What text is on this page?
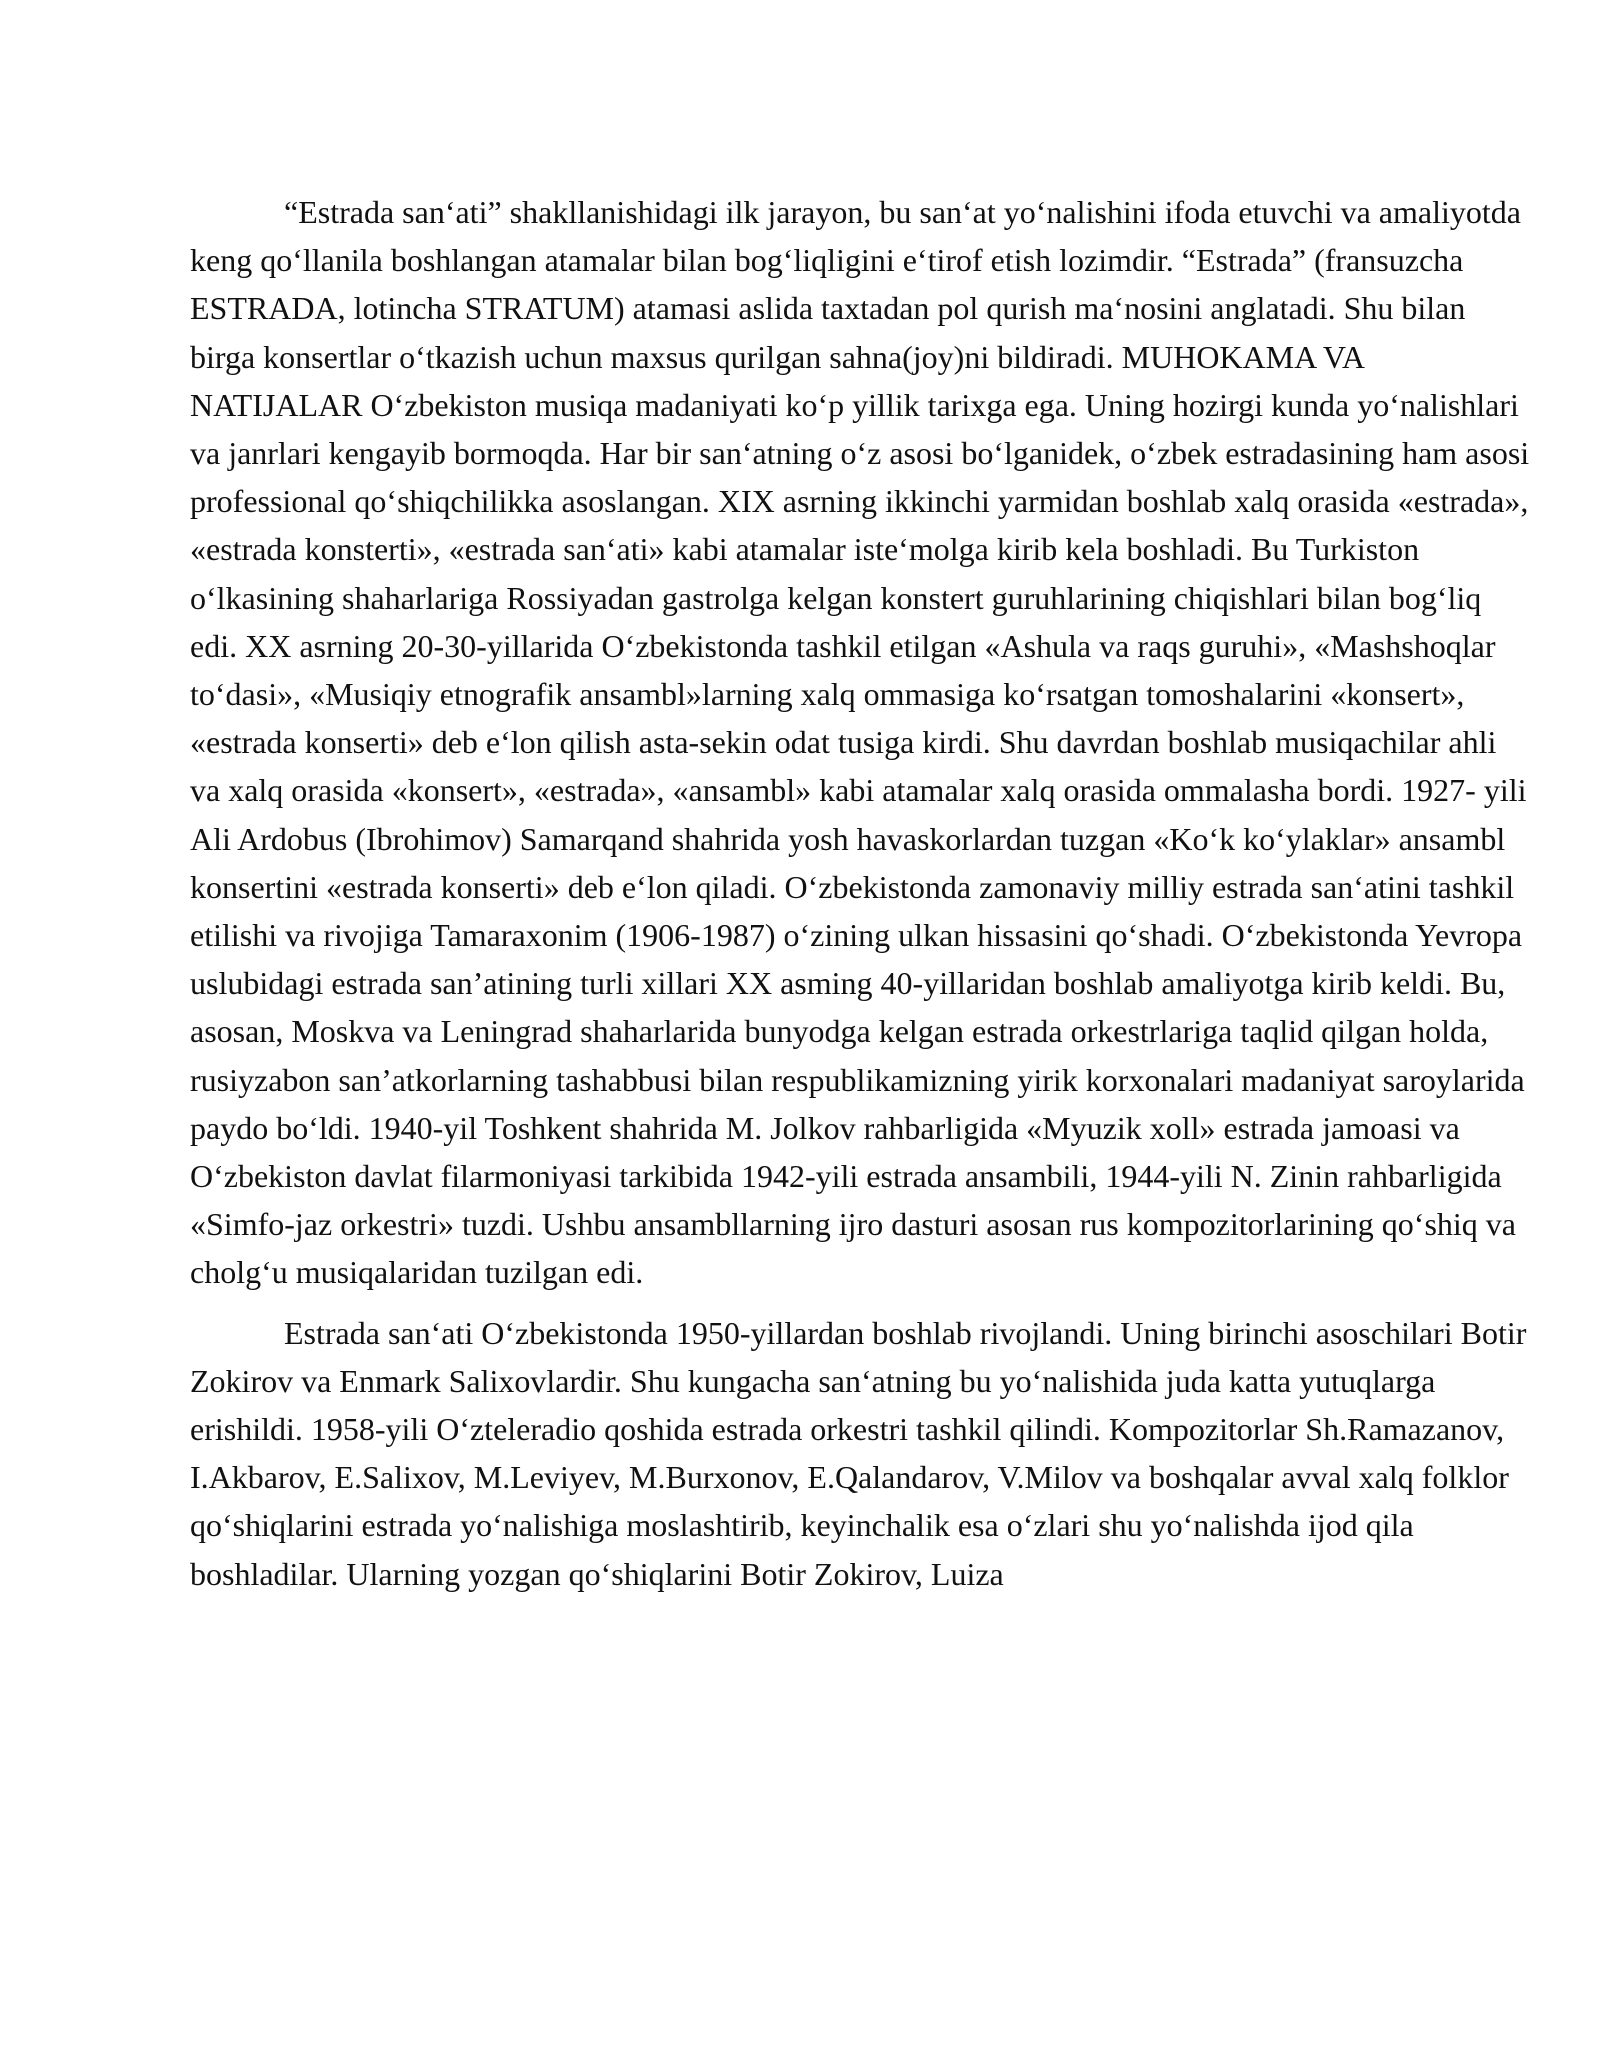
“Estrada san‘ati” shakllanishidagi ilk jarayon, bu san‘at yo‘nalishini ifoda etuvchi va amaliyotda keng qo‘llanila boshlangan atamalar bilan bog‘liqligini e‘tirof etish lozimdir. “Estrada” (fransuzcha ESTRADA, lotincha STRATUM) atamasi aslida taxtadan pol qurish ma‘nosini anglatadi. Shu bilan birga konsertlar o‘tkazish uchun maxsus qurilgan sahna(joy)ni bildiradi. MUHOKAMA VA NATIJALAR O‘zbekiston musiqa madaniyati ko‘p yillik tarixga ega. Uning hozirgi kunda yo‘nalishlari va janrlari kengayib bormoqda. Har bir san‘atning o‘z asosi bo‘lganidek, o‘zbek estradasining ham asosi professional qo‘shiqchilikka asoslangan. XIX asrning ikkinchi yarmidan boshlab xalq orasida «estrada», «estrada konsterti», «estrada san‘ati» kabi atamalar iste‘molga kirib kela boshladi. Bu Turkiston o‘lkasining shaharlariga Rossiyadan gastrolga kelgan konstert guruhlarining chiqishlari bilan bog‘liq edi. XX asrning 20-30-yillarida O‘zbekistonda tashkil etilgan «Ashula va raqs guruhi», «Mashshoqlar to‘dasi», «Musiqiy etnografik ansambl»larning xalq ommasiga ko‘rsatgan tomoshalarini «konsert», «estrada konserti» deb e‘lon qilish asta-sekin odat tusiga kirdi. Shu davrdan boshlab musiqachilar ahli va xalq orasida «konsert», «estrada», «ansambl» kabi atamalar xalq orasida ommalasha bordi. 1927- yili Ali Ardobus (Ibrohimov) Samarqand shahrida yosh havaskorlardan tuzgan «Ko‘k ko‘ylaklar» ansambl konsertini «estrada konserti» deb e‘lon qiladi. O‘zbekistonda zamonaviy milliy estrada san‘atini tashkil etilishi va rivojiga Tamaraxonim (1906-1987) o‘zining ulkan hissasini qo‘shadi. O‘zbekistonda Yevropa uslubidagi estrada san’atining turli xillari XX asming 40-yillaridan boshlab amaliyotga kirib keldi. Bu, asosan, Moskva va Leningrad shaharlarida bunyodga kelgan estrada orkestrlariga taqlid qilgan holda, rusiyzabon san’atkorlarning tashabbusi bilan respublikamizning yirik korxonalari madaniyat saroylarida paydo bo‘ldi. 1940-yil Toshkent shahrida M. Jolkov rahbarligida «Myuzik xoll» estrada jamoasi va O‘zbekiston davlat filarmoniyasi tarkibida 1942-yili estrada ansambili, 1944-yili N. Zinin rahbarligida «Simfo-jaz orkestri» tuzdi. Ushbu ansambllarning ijro dasturi asosan rus kompozitorlarining qo‘shiq va cholg‘u musiqalaridan tuzilgan edi.

Estrada san‘ati O‘zbekistonda 1950-yillardan boshlab rivojlandi. Uning birinchi asoschilari Botir Zokirov va Enmark Salixovlardir. Shu kungacha san‘atning bu yo‘nalishida juda katta yutuqlarga erishildi. 1958-yili O‘zteleradio qoshida estrada orkestri tashkil qilindi. Kompozitorlar Sh.Ramazanov, I.Akbarov, E.Salixov, M.Leviyev, M.Burxonov, E.Qalandarov, V.Milov va boshqalar avval xalq folklor qo‘shiqlarini estrada yo‘nalishiga moslashtirib, keyinchalik esa o‘zlari shu yo‘nalishda ijod qila boshladilar. Ularning yozgan qo‘shiqlarini Botir Zokirov, Luiza
